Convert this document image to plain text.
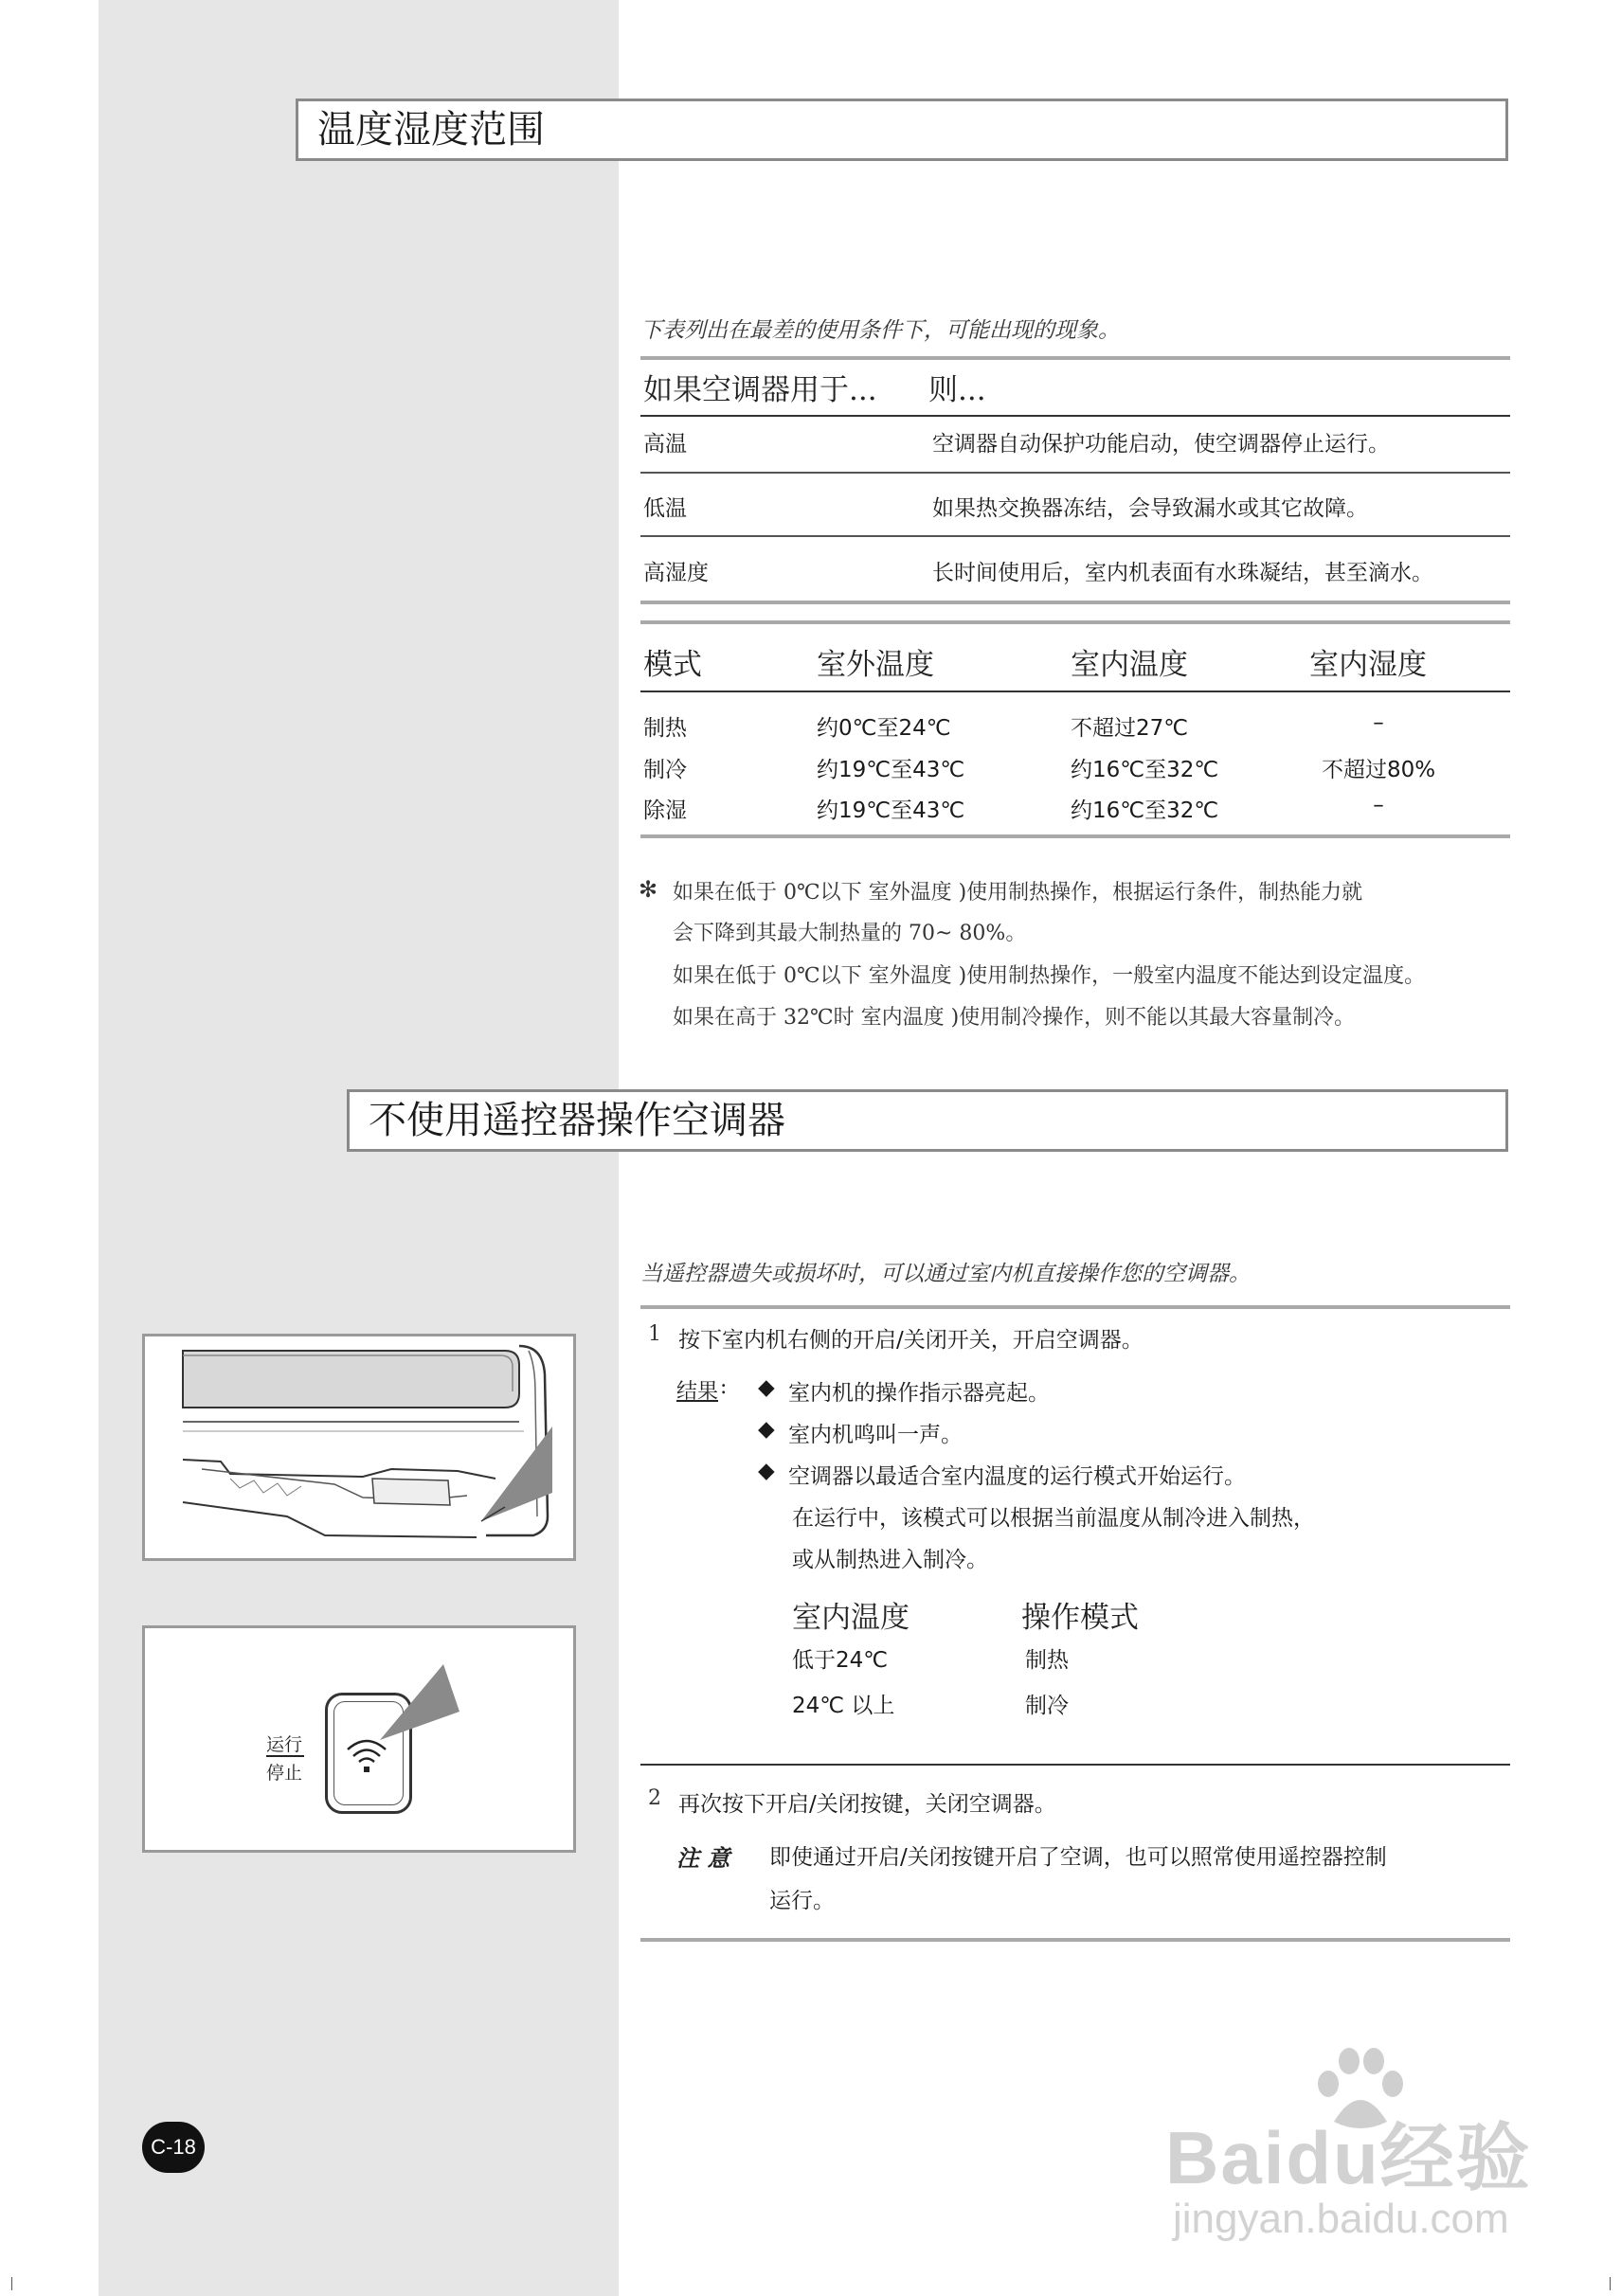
温度湿度范围
下表列出在最差的使用条件下，可能出现的现象。
如果空调器用于... 则...
高温	空调器自动保护功能启动，使空调器停止运行。
低温	如果热交换器冻结，会导致漏水或其它故障。
高湿度	长时间使用后，室内机表面有水珠凝结，甚至滴水。
模式	室外温度	室内温度	室内湿度
制热	约0℃至24℃	不超过27℃	–
制冷	约19℃至43℃	约16℃至32℃	不超过80%
除湿	约19℃至43℃	约16℃至32℃	–
✻ 如果在低于 0℃以下 室外温度 )使用制热操作，根据运行条件，制热能力就
会下降到其最大制热量的 70~ 80%。
如果在低于 0℃以下 室外温度 )使用制热操作，一般室内温度不能达到设定温度。
如果在高于 32℃时 室内温度 )使用制冷操作，则不能以其最大容量制冷。
不使用遥控器操作空调器
当遥控器遗失或损坏时，可以通过室内机直接操作您的空调器。
1 按下室内机右侧的开启/关闭开关，开启空调器。
结果 : ◆ 室内机的操作指示器亮起。
◆ 室内机鸣叫一声。
◆ 空调器以最适合室内温度的运行模式开始运行。
在运行中，该模式可以根据当前温度从制冷进入制热，
或从制热进入制冷。
室内温度	操作模式
低于24℃	制热
24℃ 以上	制冷
2 再次按下开启/关闭按键，关闭空调器。
注 意 即使通过开启/关闭按键开启了空调，也可以照常使用遥控器控制
运行。
运行
停止
C-18	Baidu经验
jingyan.baidu.com
